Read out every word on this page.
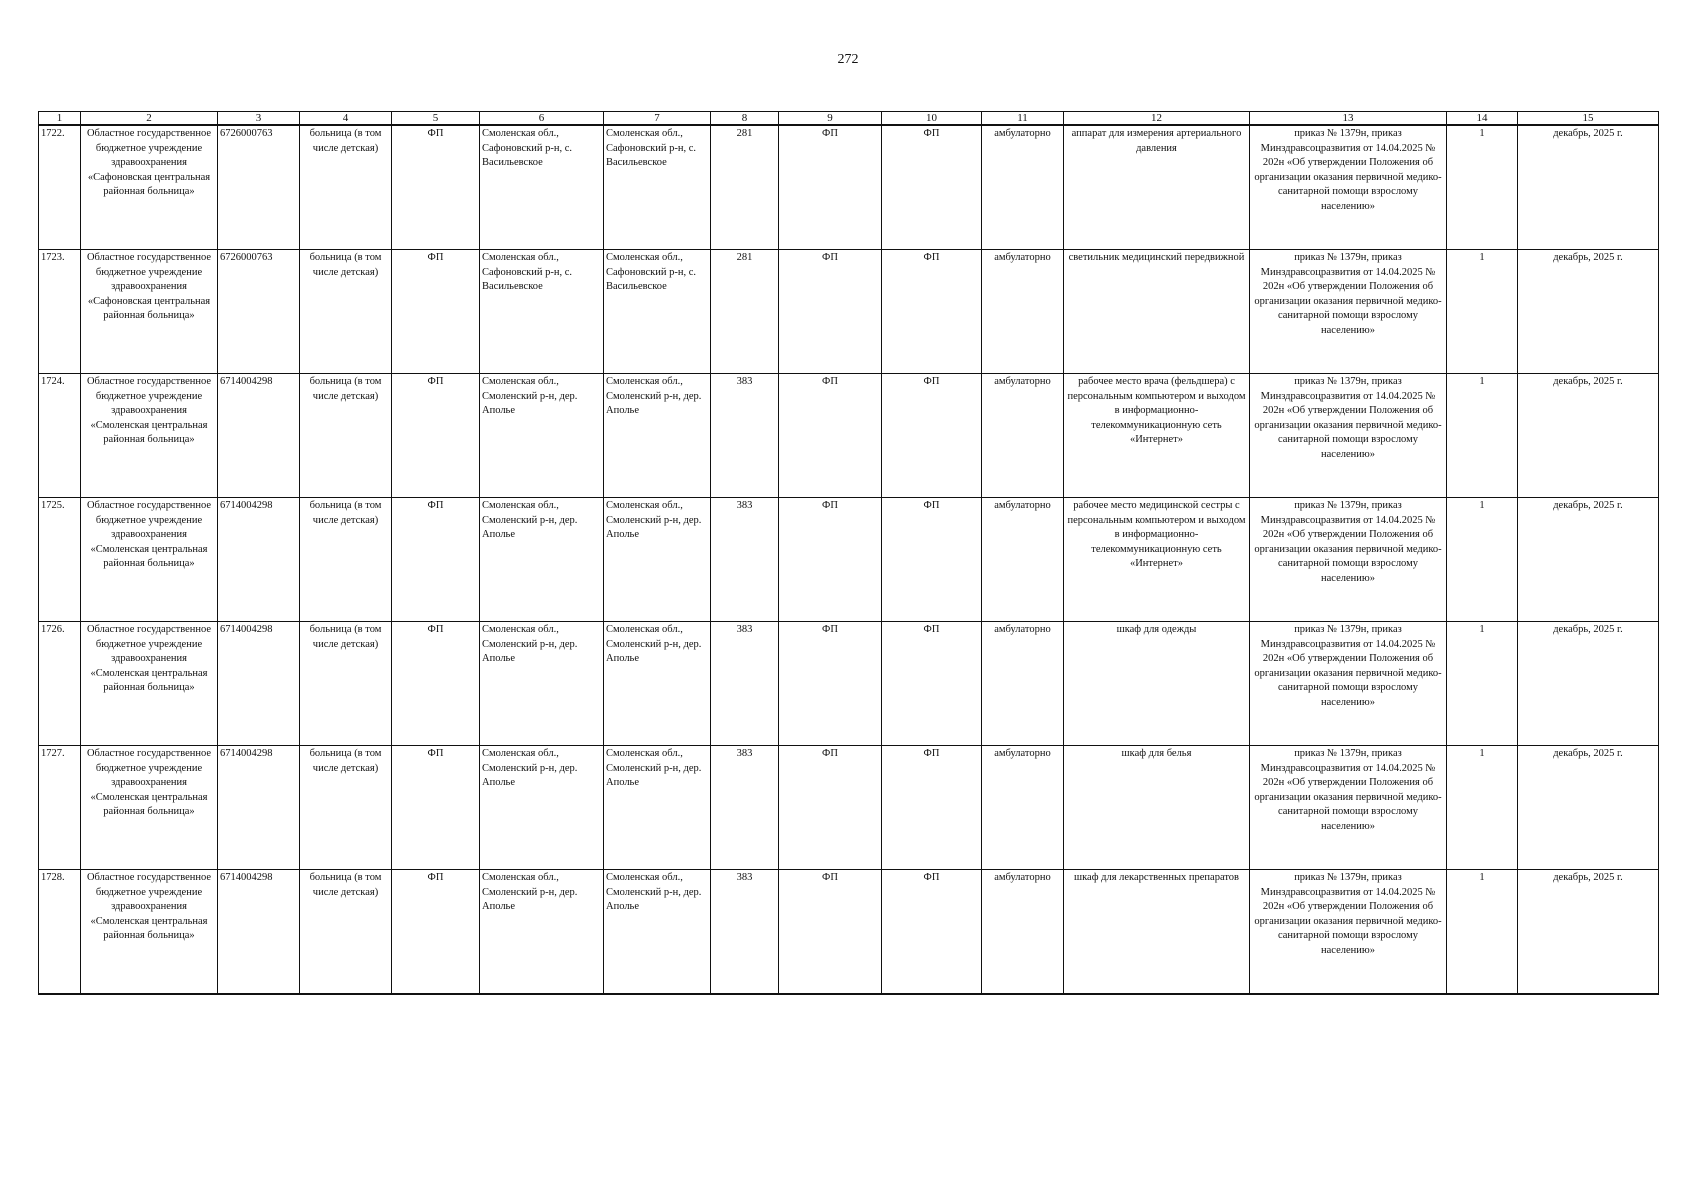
272
1	2	3	4	5	6	7	8	9	10	11	12	13	14	15
1722.	Областное государственное бюджетное учреждение здравоохранения «Сафоновская центральная районная больница»	6726000763	больница (в том числе детская)	ФП	Смоленская обл., Сафоновский р-н, с. Васильевское	Смоленская обл., Сафоновский р-н, с. Васильевское	281	ФП	ФП	амбулаторно	аппарат для измерения артериального давления	приказ № 1379н, приказ Минздравсоцразвития от 14.04.2025 № 202н «Об утверждении Положения об организации оказания первичной медико-санитарной помощи взрослому населению»	1	декабрь, 2025 г.
1723.	Областное государственное бюджетное учреждение здравоохранения «Сафоновская центральная районная больница»	6726000763	больница (в том числе детская)	ФП	Смоленская обл., Сафоновский р-н, с. Васильевское	Смоленская обл., Сафоновский р-н, с. Васильевское	281	ФП	ФП	амбулаторно	светильник медицинский передвижной	приказ № 1379н, приказ Минздравсоцразвития от 14.04.2025 № 202н «Об утверждении Положения об организации оказания первичной медико-санитарной помощи взрослому населению»	1	декабрь, 2025 г.
1724.	Областное государственное бюджетное учреждение здравоохранения «Смоленская центральная районная больница»	6714004298	больница (в том числе детская)	ФП	Смоленская обл., Смоленский р-н, дер. Аполье	Смоленская обл., Смоленский р-н, дер. Аполье	383	ФП	ФП	амбулаторно	рабочее место врача (фельдшера) с персональным компьютером и выходом в информационно-телекоммуникационную сеть «Интернет»	приказ № 1379н, приказ Минздравсоцразвития от 14.04.2025 № 202н «Об утверждении Положения об организации оказания первичной медико-санитарной помощи взрослому населению»	1	декабрь, 2025 г.
1725.	Областное государственное бюджетное учреждение здравоохранения «Смоленская центральная районная больница»	6714004298	больница (в том числе детская)	ФП	Смоленская обл., Смоленский р-н, дер. Аполье	Смоленская обл., Смоленский р-н, дер. Аполье	383	ФП	ФП	амбулаторно	рабочее место медицинской сестры с персональным компьютером и выходом в информационно-телекоммуникационную сеть «Интернет»	приказ № 1379н, приказ Минздравсоцразвития от 14.04.2025 № 202н «Об утверждении Положения об организации оказания первичной медико-санитарной помощи взрослому населению»	1	декабрь, 2025 г.
1726.	Областное государственное бюджетное учреждение здравоохранения «Смоленская центральная районная больница»	6714004298	больница (в том числе детская)	ФП	Смоленская обл., Смоленский р-н, дер. Аполье	Смоленская обл., Смоленский р-н, дер. Аполье	383	ФП	ФП	амбулаторно	шкаф для одежды	приказ № 1379н, приказ Минздравсоцразвития от 14.04.2025 № 202н «Об утверждении Положения об организации оказания первичной медико-санитарной помощи взрослому населению»	1	декабрь, 2025 г.
1727.	Областное государственное бюджетное учреждение здравоохранения «Смоленская центральная районная больница»	6714004298	больница (в том числе детская)	ФП	Смоленская обл., Смоленский р-н, дер. Аполье	Смоленская обл., Смоленский р-н, дер. Аполье	383	ФП	ФП	амбулаторно	шкаф для белья	приказ № 1379н, приказ Минздравсоцразвития от 14.04.2025 № 202н «Об утверждении Положения об организации оказания первичной медико-санитарной помощи взрослому населению»	1	декабрь, 2025 г.
1728.	Областное государственное бюджетное учреждение здравоохранения «Смоленская центральная районная больница»	6714004298	больница (в том числе детская)	ФП	Смоленская обл., Смоленский р-н, дер. Аполье	Смоленская обл., Смоленский р-н, дер. Аполье	383	ФП	ФП	амбулаторно	шкаф для лекарственных препаратов	приказ № 1379н, приказ Минздравсоцразвития от 14.04.2025 № 202н «Об утверждении Положения об организации оказания первичной медико-санитарной помощи взрослому населению»	1	декабрь, 2025 г.
